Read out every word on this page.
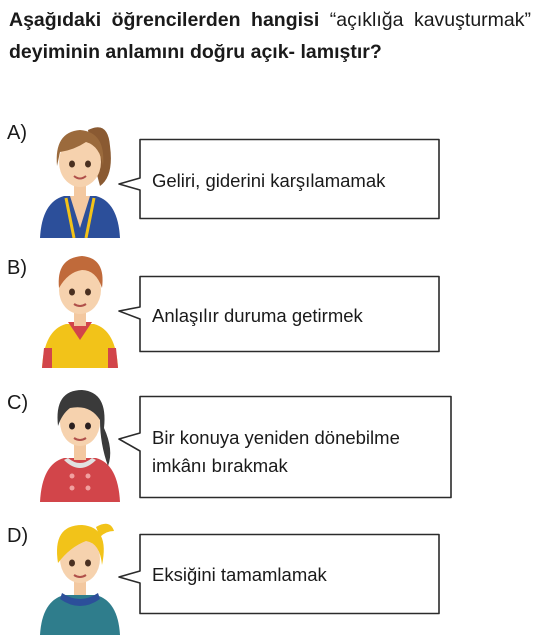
Aşağıdaki öğrencilerden hangisi “açıklığa kavuşturmak” deyiminin anlamını doğru açık- lamıştır?
A)
Geliri, giderini karşılamamak
B)
Anlaşılır duruma getirmek
C)
Bir konuya yeniden dönebilme
imkânı bırakmak
D)
Eksiğini tamamlamak
